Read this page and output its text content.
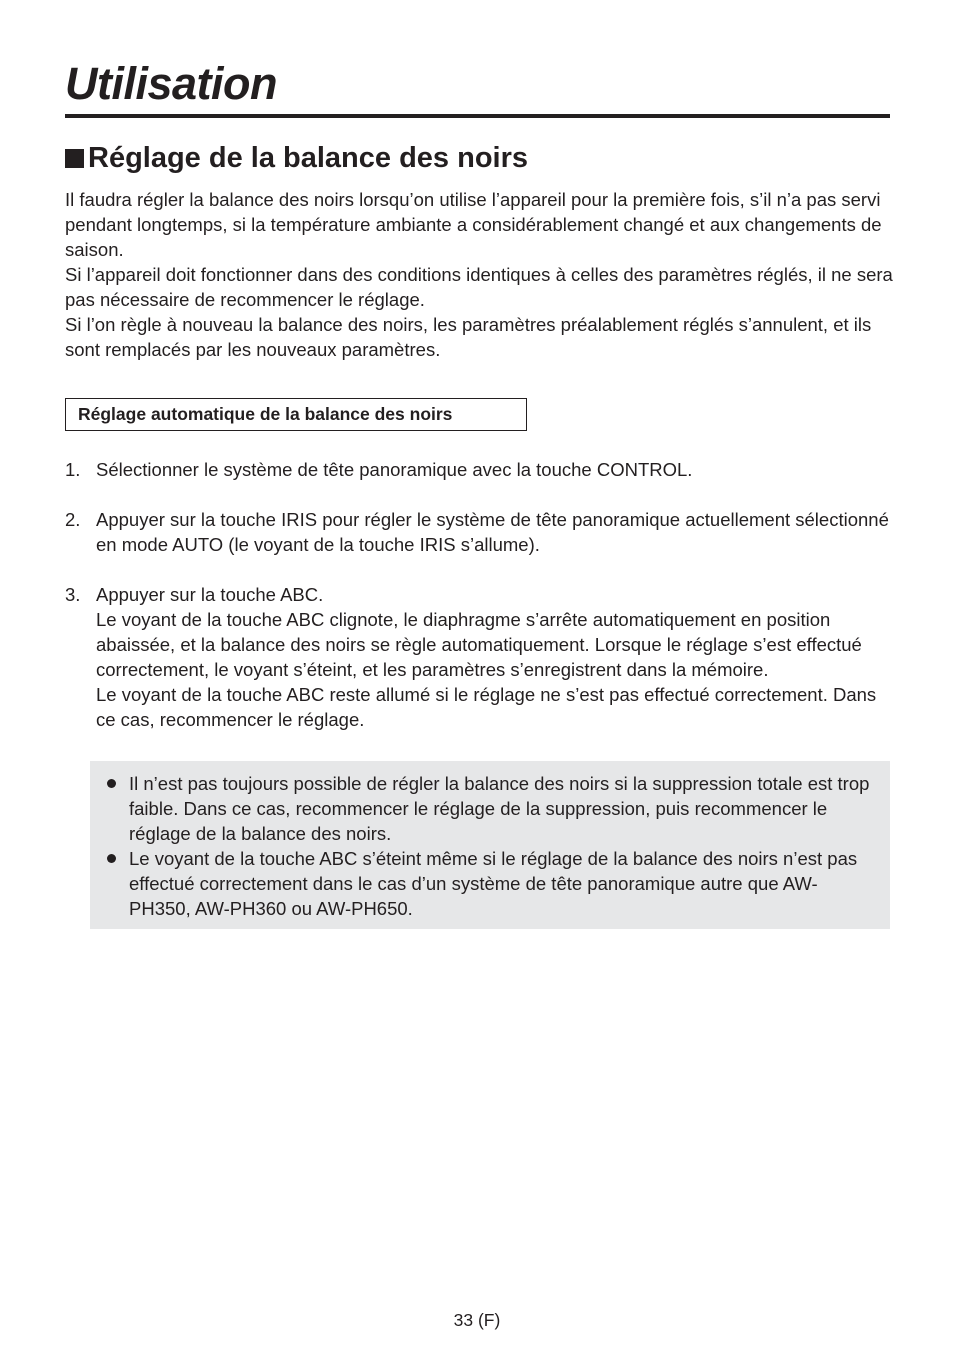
Utilisation
Réglage de la balance des noirs

Il faudra régler la balance des noirs lorsqu’on utilise l’appareil pour la première fois, s’il n’a pas servi pendant longtemps, si la température ambiante a considérablement changé et aux changements de saison.

Si l’appareil doit fonctionner dans des conditions identiques à celles des paramètres réglés, il ne sera pas nécessaire de recommencer le réglage.

Si l’on règle à nouveau la balance des noirs, les paramètres préalablement réglés s’annulent, et ils sont remplacés par les nouveaux paramètres.

Réglage automatique de la balance des noirs
1. Sélectionner le système de tête panoramique avec la touche CONTROL.

2. Appuyer sur la touche IRIS pour régler le système de tête panoramique actuellement sélectionné en mode AUTO (le voyant de la touche IRIS s’allume).

3. Appuyer sur la touche ABC.

Le voyant de la touche ABC clignote, le diaphragme s’arrête automatiquement en position abaissée, et la balance des noirs se règle automatiquement. Lorsque le réglage s’est effectué correctement, le voyant s’éteint, et les paramètres s’enregistrent dans la mémoire.

Le voyant de la touche ABC reste allumé si le réglage ne s’est pas effectué correctement. Dans ce cas, recommencer le réglage.

Il n’est pas toujours possible de régler la balance des noirs si la suppression totale est trop faible. Dans ce cas, recommencer le réglage de la suppression, puis recommencer le réglage de la balance des noirs.
Le voyant de la touche ABC s’éteint même si le réglage de la balance des noirs n’est pas effectué correctement dans le cas d’un système de tête panoramique autre que AW-PH350, AW-PH360 ou AW-PH650.
33 (F)
